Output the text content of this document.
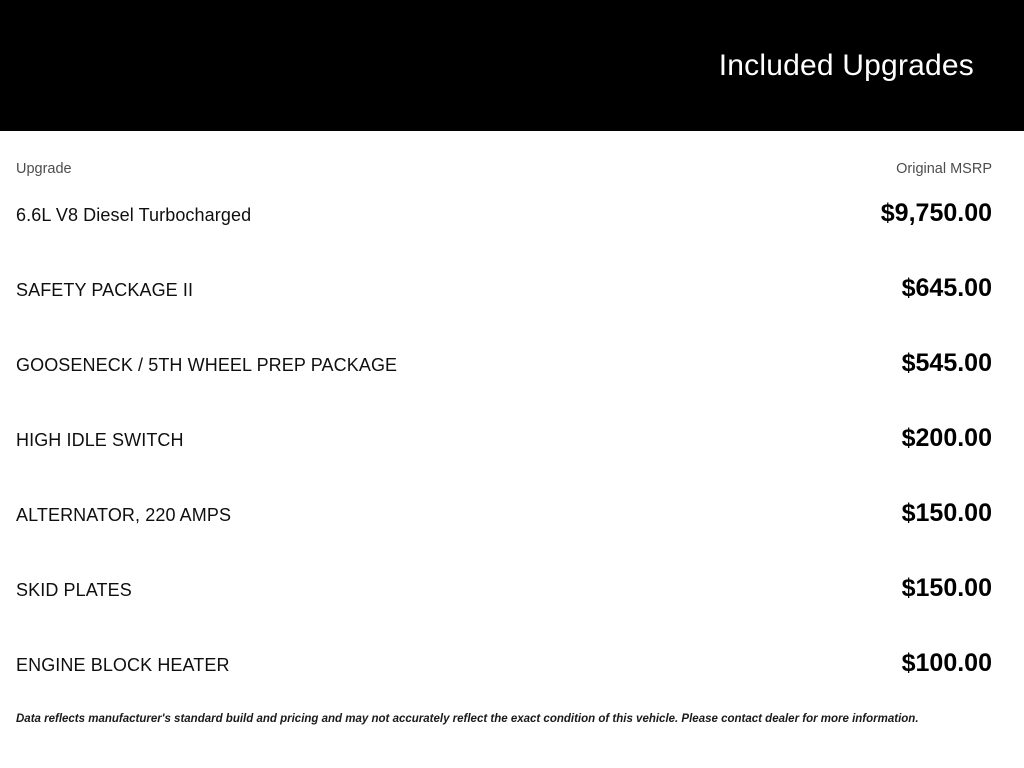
Included Upgrades
Upgrade	Original MSRP
6.6L V8 Diesel Turbocharged	$9,750.00
SAFETY PACKAGE II	$645.00
GOOSENECK / 5TH WHEEL PREP PACKAGE	$545.00
HIGH IDLE SWITCH	$200.00
ALTERNATOR, 220 AMPS	$150.00
SKID PLATES	$150.00
ENGINE BLOCK HEATER	$100.00
Data reflects manufacturer's standard build and pricing and may not accurately reflect the exact condition of this vehicle. Please contact dealer for more information.
